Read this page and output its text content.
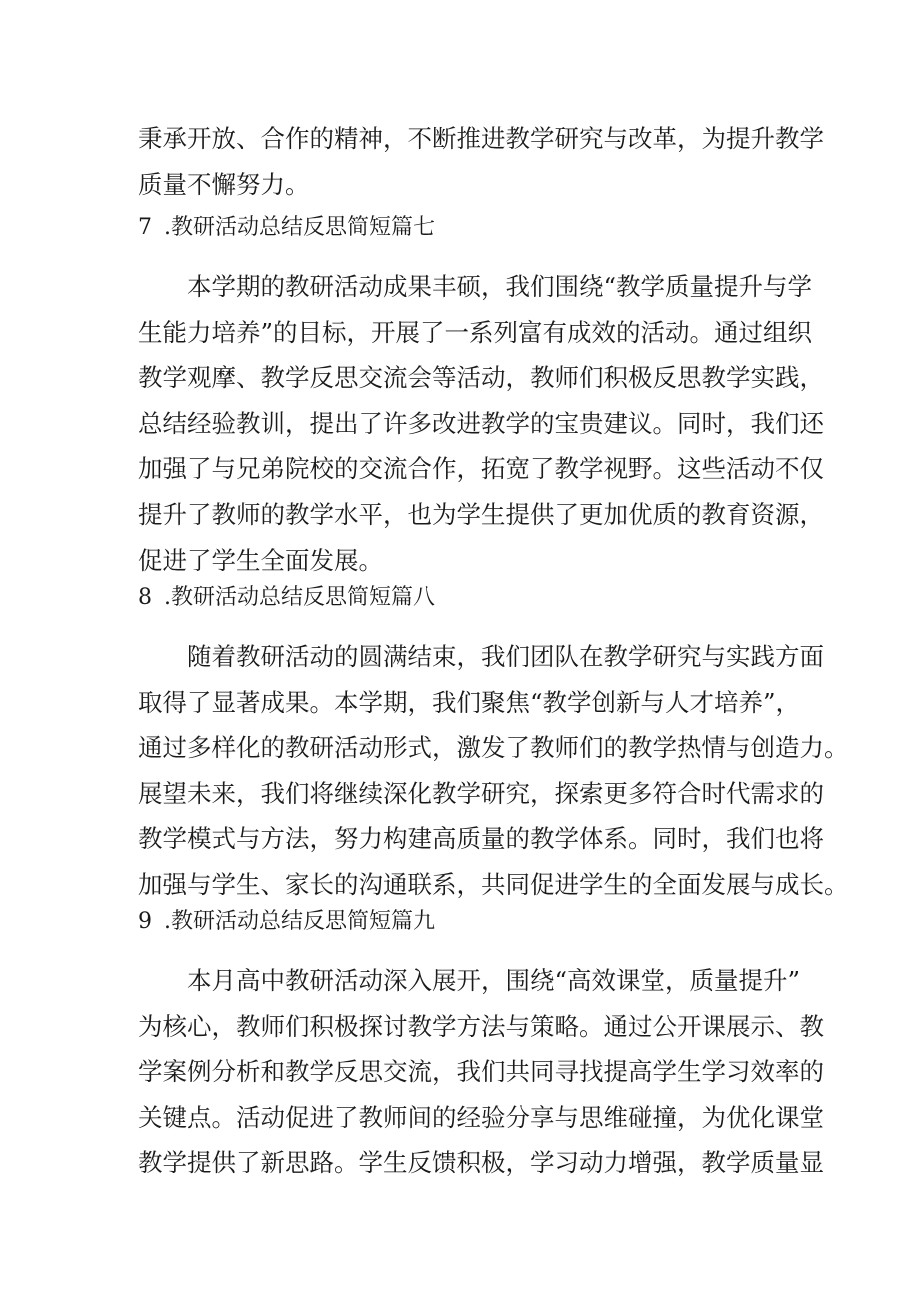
秉承开放、合作的精神，不断推进教学研究与改革，为提升教学
质量不懈努力。
7 .教研活动总结反思简短篇七
本学期的教研活动成果丰硕，我们围绕“教学质量提升与学
生能力培养”的目标，开展了一系列富有成效的活动。通过组织
教学观摩、教学反思交流会等活动，教师们积极反思教学实践，
总结经验教训，提出了许多改进教学的宝贵建议。同时，我们还
加强了与兄弟院校的交流合作，拓宽了教学视野。这些活动不仅
提升了教师的教学水平，也为学生提供了更加优质的教育资源，
促进了学生全面发展。
8 .教研活动总结反思简短篇八
随着教研活动的圆满结束，我们团队在教学研究与实践方面
取得了显著成果。本学期，我们聚焦“教学创新与人才培养”，
通过多样化的教研活动形式，激发了教师们的教学热情与创造力。
展望未来，我们将继续深化教学研究，探索更多符合时代需求的
教学模式与方法，努力构建高质量的教学体系。同时，我们也将
加强与学生、家长的沟通联系，共同促进学生的全面发展与成长。
9 .教研活动总结反思简短篇九
本月高中教研活动深入展开，围绕“高效课堂，质量提升”
为核心，教师们积极探讨教学方法与策略。通过公开课展示、教
学案例分析和教学反思交流，我们共同寻找提高学生学习效率的
关键点。活动促进了教师间的经验分享与思维碰撞，为优化课堂
教学提供了新思路。学生反馈积极，学习动力增强，教学质量显
